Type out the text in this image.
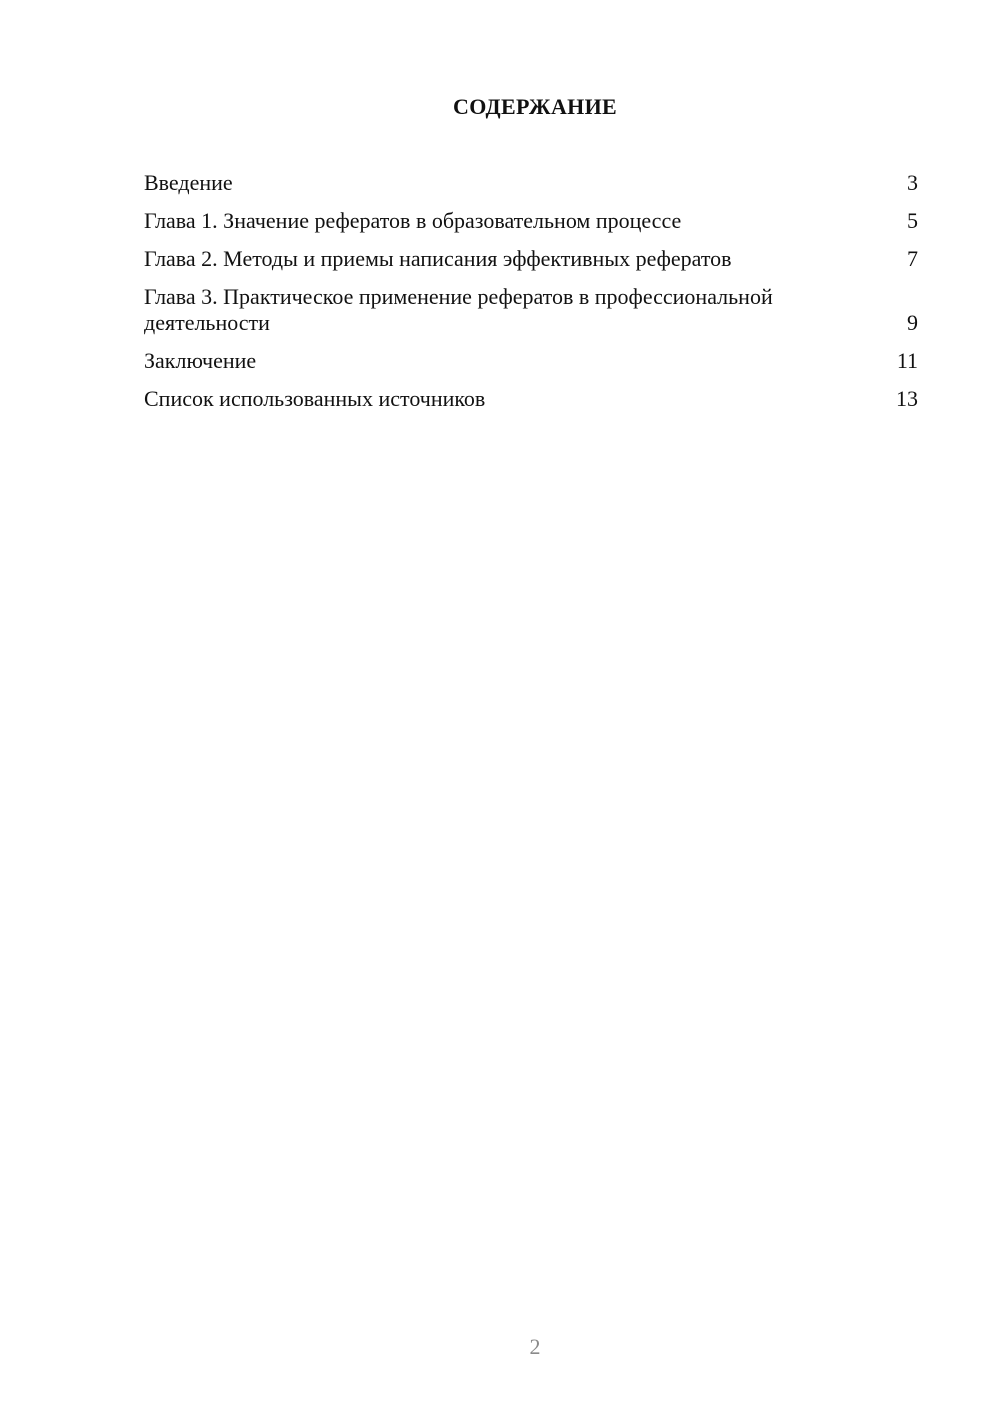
СОДЕРЖАНИЕ
Введение	3
Глава 1. Значение рефератов в образовательном процессе	5
Глава 2. Методы и приемы написания эффективных рефератов	7
Глава 3. Практическое применение рефератов в профессиональной деятельности	9
Заключение	11
Список использованных источников	13
2
